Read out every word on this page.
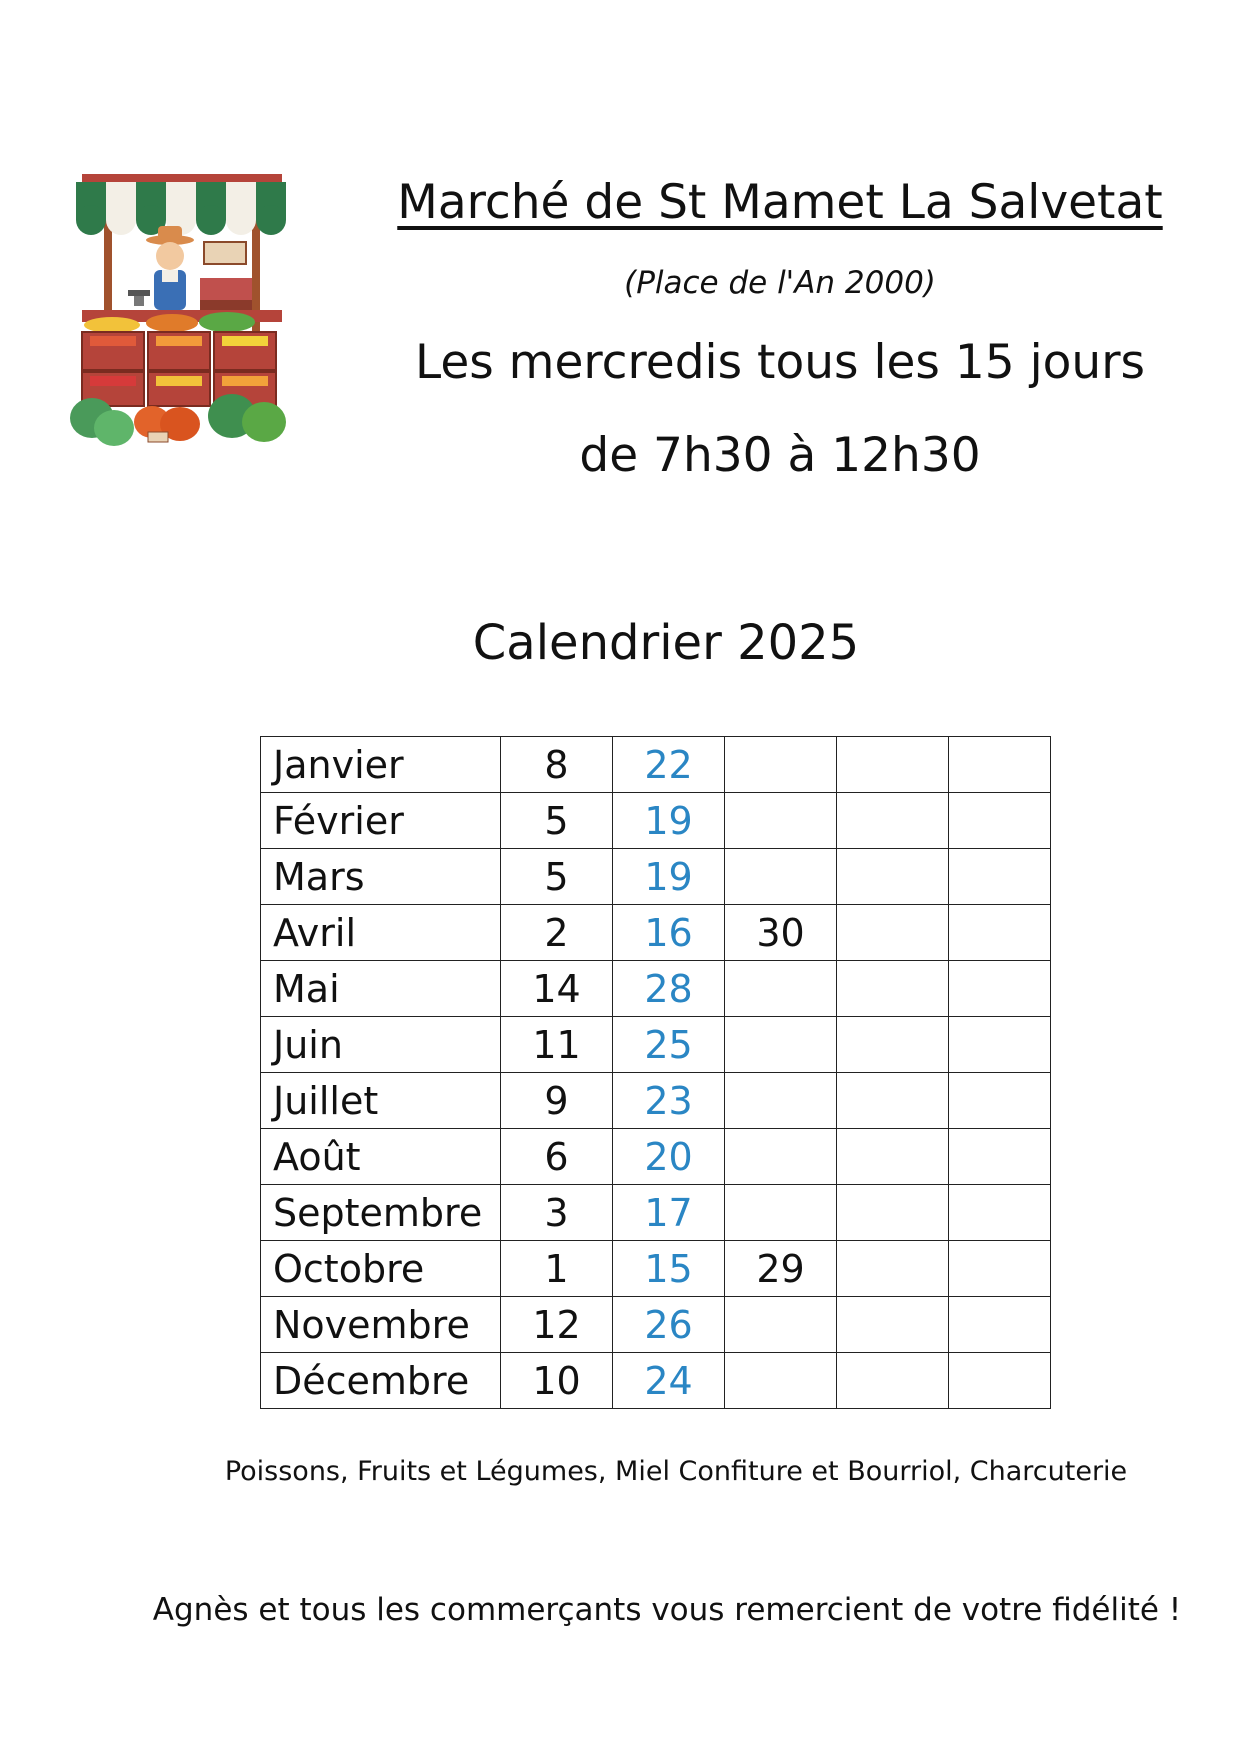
Marché de St Mamet La Salvetat
(Place de l'An 2000)
Les mercredis tous les 15 jours
de 7h30 à 12h30
Calendrier 2025
Janvier	8	22			
Février	5	19			
Mars	5	19			
Avril	2	16	30		
Mai	14	28			
Juin	11	25			
Juillet	9	23			
Août	6	20			
Septembre	3	17			
Octobre	1	15	29		
Novembre	12	26			
Décembre	10	24			
Poissons, Fruits et Légumes, Miel Confiture et Bourriol, Charcuterie
Agnès et tous les commerçants vous remercient de votre fidélité !
